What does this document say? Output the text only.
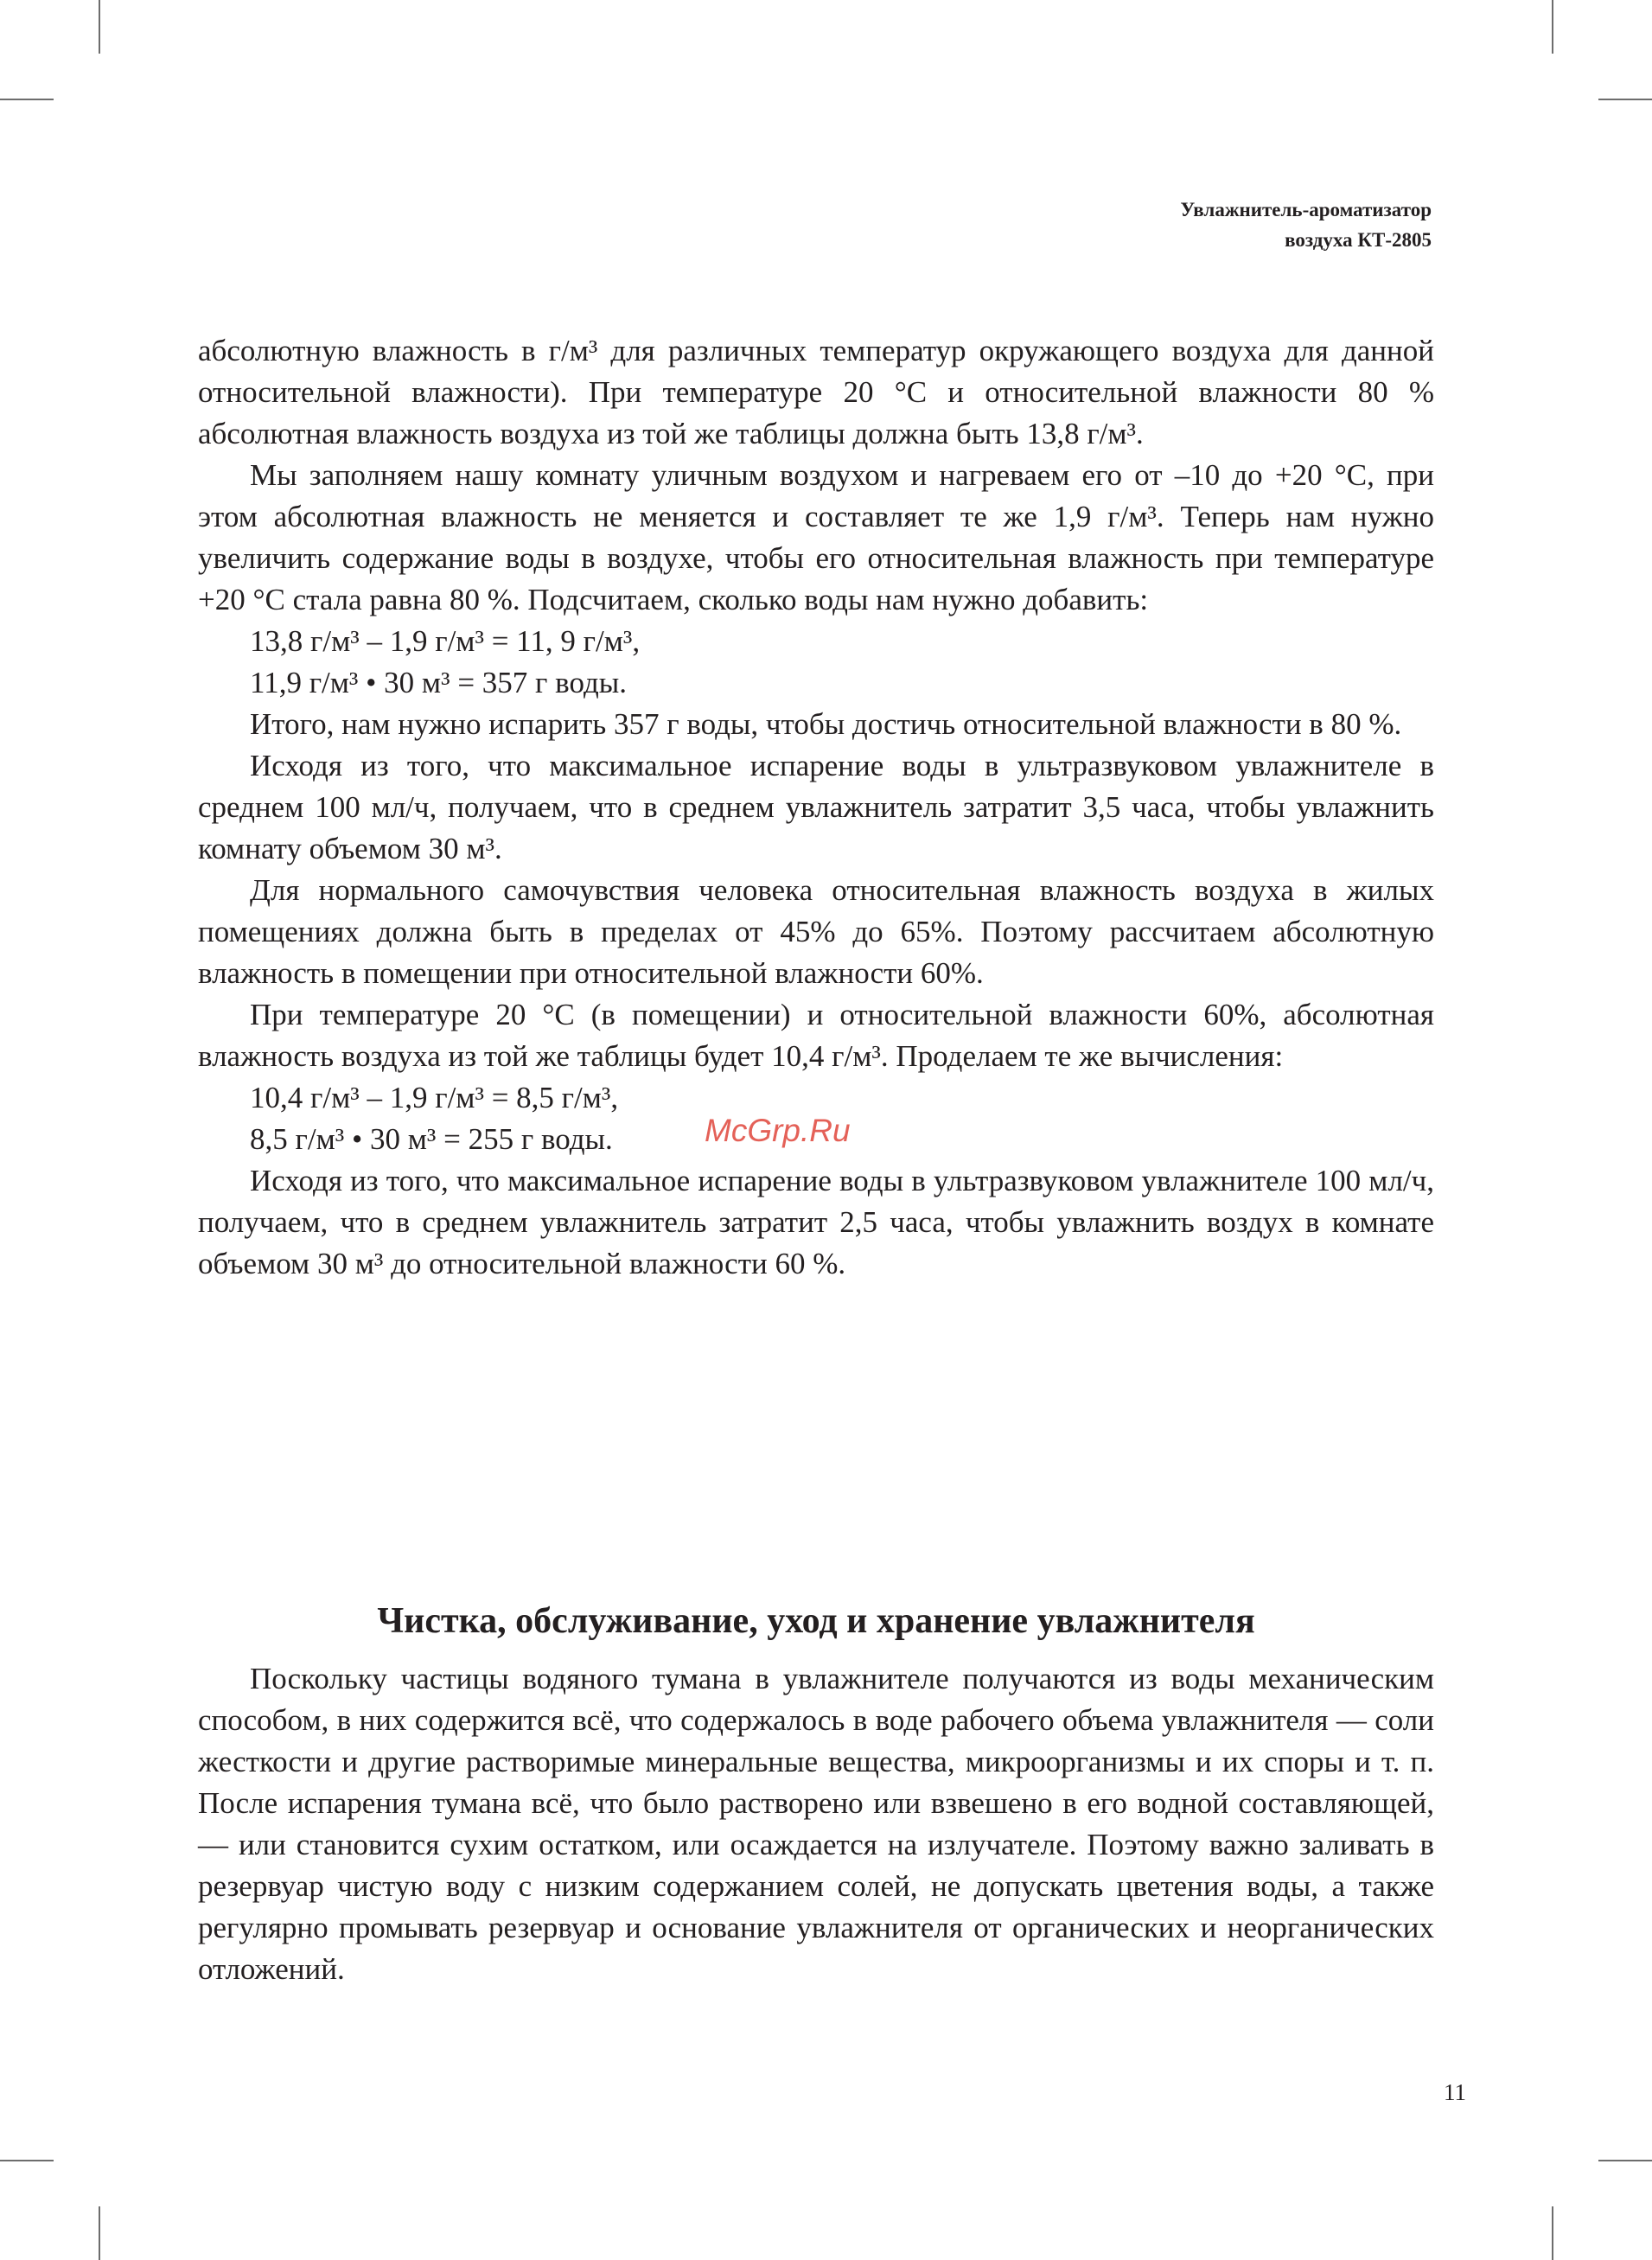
Увлажнитель-ароматизатор
воздуха КТ-2805

абсолютную влажность в г/м³ для различных температур окружающего воздуха для данной относительной влажности). При температуре 20 °С и относительной влажности 80 % абсолютная влажность воздуха из той же таблицы должна быть 13,8 г/м³.

Мы заполняем нашу комнату уличным воздухом и нагреваем его от –10 до +20 °С, при этом абсолютная влажность не меняется и составляет те же 1,9 г/м³. Теперь нам нужно увеличить содержание воды в воздухе, чтобы его относительная влажность при температуре +20 °С стала равна 80 %. Подсчитаем, сколько воды нам нужно добавить:

13,8 г/м³ – 1,9 г/м³ = 11, 9 г/м³,

11,9 г/м³ • 30 м³ = 357 г воды.

Итого, нам нужно испарить 357 г воды, чтобы достичь относительной влажности в 80 %.

Исходя из того, что максимальное испарение воды в ультразвуковом увлажнителе в среднем 100 мл/ч, получаем, что в среднем увлажнитель затратит 3,5 часа, чтобы увлажнить комнату объемом 30 м³.

Для нормального самочувствия человека относительная влажность воздуха в жилых помещениях должна быть в пределах от 45% до 65%. Поэтому рассчитаем абсолютную влажность в помещении при относительной влажности 60%.

При температуре 20 °С (в помещении) и относительной влажности 60%, абсолютная влажность воздуха из той же таблицы будет 10,4 г/м³. Проделаем те же вычисления:

10,4 г/м³ – 1,9 г/м³ = 8,5 г/м³,

8,5 г/м³ • 30 м³ = 255 г воды.

Исходя из того, что максимальное испарение воды в ультразвуковом увлажнителе 100 мл/ч, получаем, что в среднем увлажнитель затратит 2,5 часа, чтобы увлажнить воздух в комнате объемом 30 м³ до относительной влажности 60 %.

McGrp.Ru
Чистка, обслуживание, уход и хранение увлажнителя

Поскольку частицы водяного тумана в увлажнителе получаются из воды механическим способом, в них содержится всё, что содержалось в воде рабочего объема увлажнителя — соли жесткости и другие растворимые минеральные вещества, микроорганизмы и их споры и т. п. После испарения тумана всё, что было растворено или взвешено в его водной составляющей, — или становится сухим остатком, или осаждается на излучателе. Поэтому важно заливать в резервуар чистую воду с низким содержанием солей, не допускать цветения воды, а также регулярно промывать резервуар и основание увлажнителя от органических и неорганических отложений.

11
